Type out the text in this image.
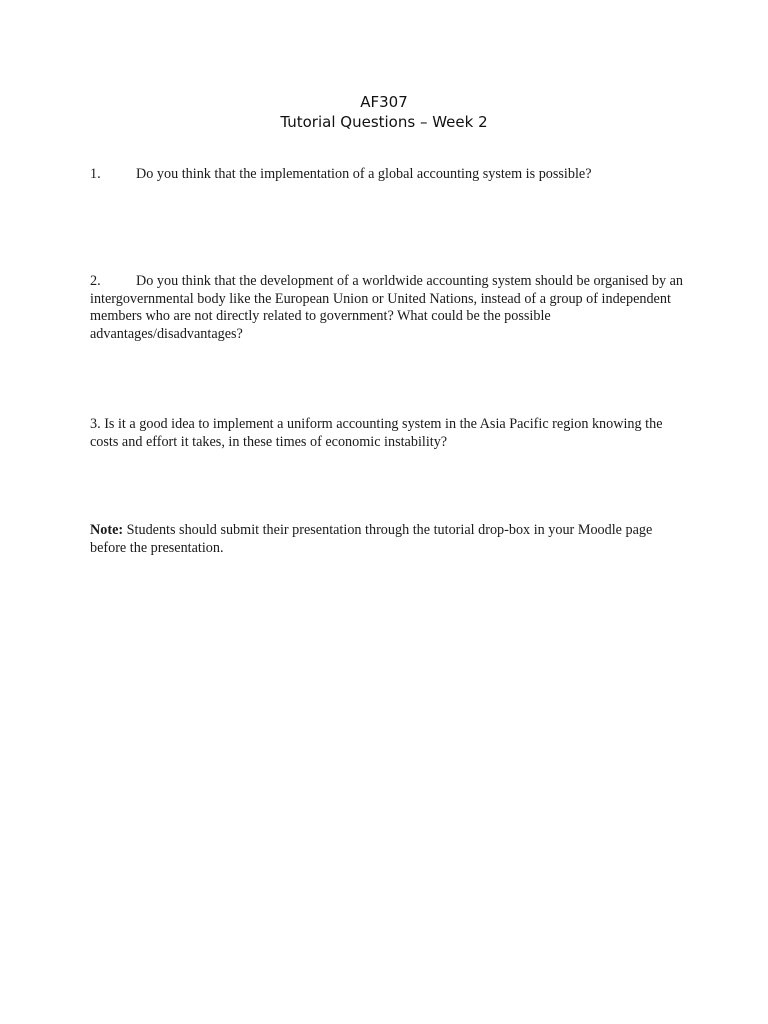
AF307
Tutorial Questions – Week 2
1. Do you think that the implementation of a global accounting system is possible?
2. Do you think that the development of a worldwide accounting system should be organised by an intergovernmental body like the European Union or United Nations, instead of a group of independent members who are not directly related to government? What could be the possible advantages/disadvantages?
3. Is it a good idea to implement a uniform accounting system in the Asia Pacific region knowing the costs and effort it takes, in these times of economic instability?
Note: Students should submit their presentation through the tutorial drop-box in your Moodle page before the presentation.
